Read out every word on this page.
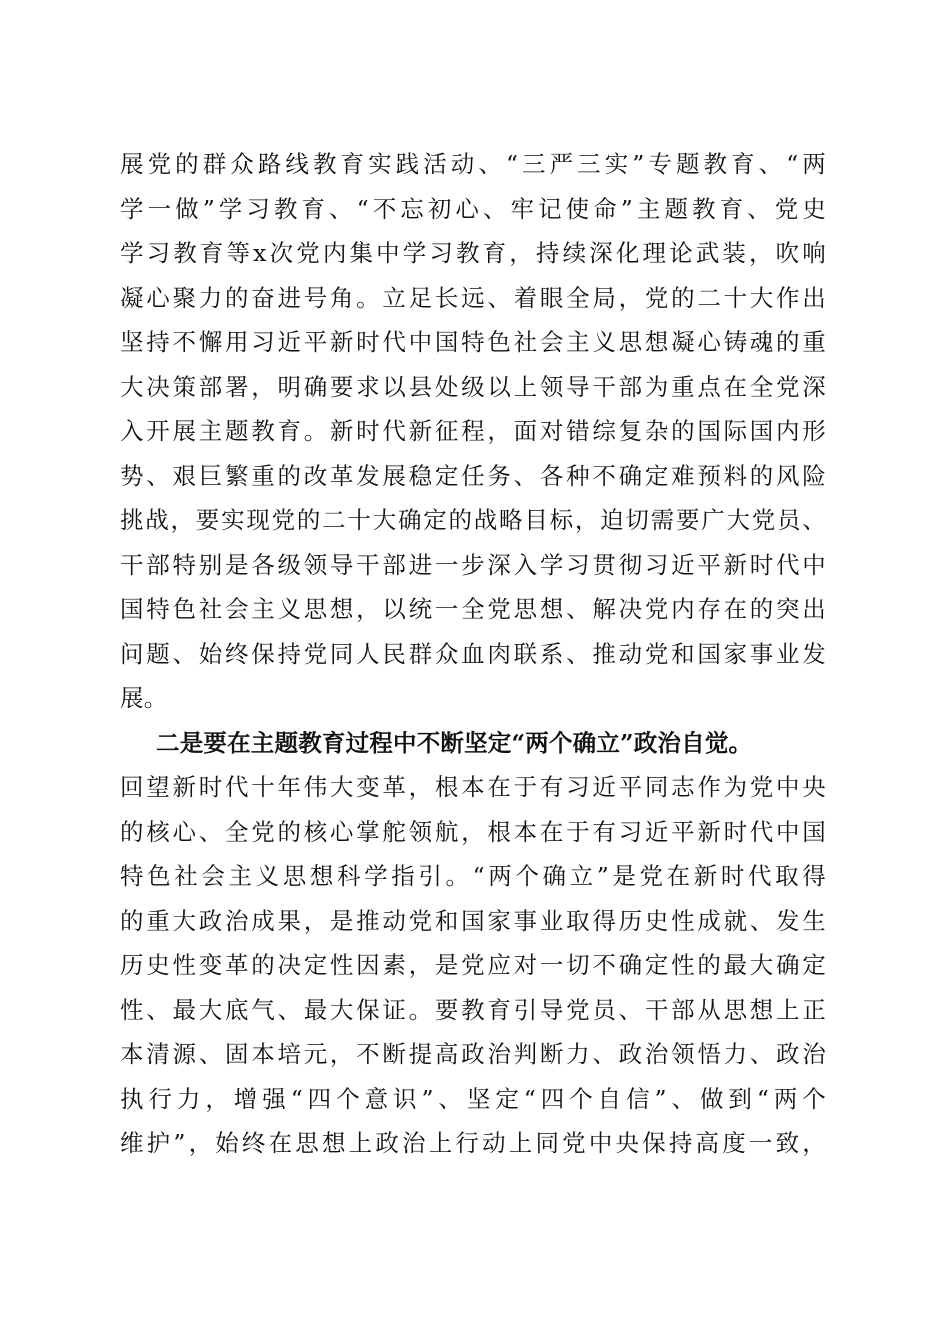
展党的群众路线教育实践活动、“三严三实”专题教育、“两
学一做”学习教育、“不忘初心、牢记使命”主题教育、党史
学习教育等x次党内集中学习教育，持续深化理论武装，吹响
凝心聚力的奋进号角。立足长远、着眼全局，党的二十大作出
坚持不懈用习近平新时代中国特色社会主义思想凝心铸魂的重
大决策部署，明确要求以县处级以上领导干部为重点在全党深
入开展主题教育。新时代新征程，面对错综复杂的国际国内形
势、艰巨繁重的改革发展稳定任务、各种不确定难预料的风险
挑战，要实现党的二十大确定的战略目标，迫切需要广大党员、
干部特别是各级领导干部进一步深入学习贯彻习近平新时代中
国特色社会主义思想，以统一全党思想、解决党内存在的突出
问题、始终保持党同人民群众血肉联系、推动党和国家事业发
展。
二是要在主题教育过程中不断坚定“两个确立”政治自觉。
回望新时代十年伟大变革，根本在于有习近平同志作为党中央
的核心、全党的核心掌舵领航，根本在于有习近平新时代中国
特色社会主义思想科学指引。“两个确立”是党在新时代取得
的重大政治成果，是推动党和国家事业取得历史性成就、发生
历史性变革的决定性因素，是党应对一切不确定性的最大确定
性、最大底气、最大保证。要教育引导党员、干部从思想上正
本清源、固本培元，不断提高政治判断力、政治领悟力、政治
执行力，增强“四个意识”、坚定“四个自信”、做到“两个
维护”，始终在思想上政治上行动上同党中央保持高度一致，
